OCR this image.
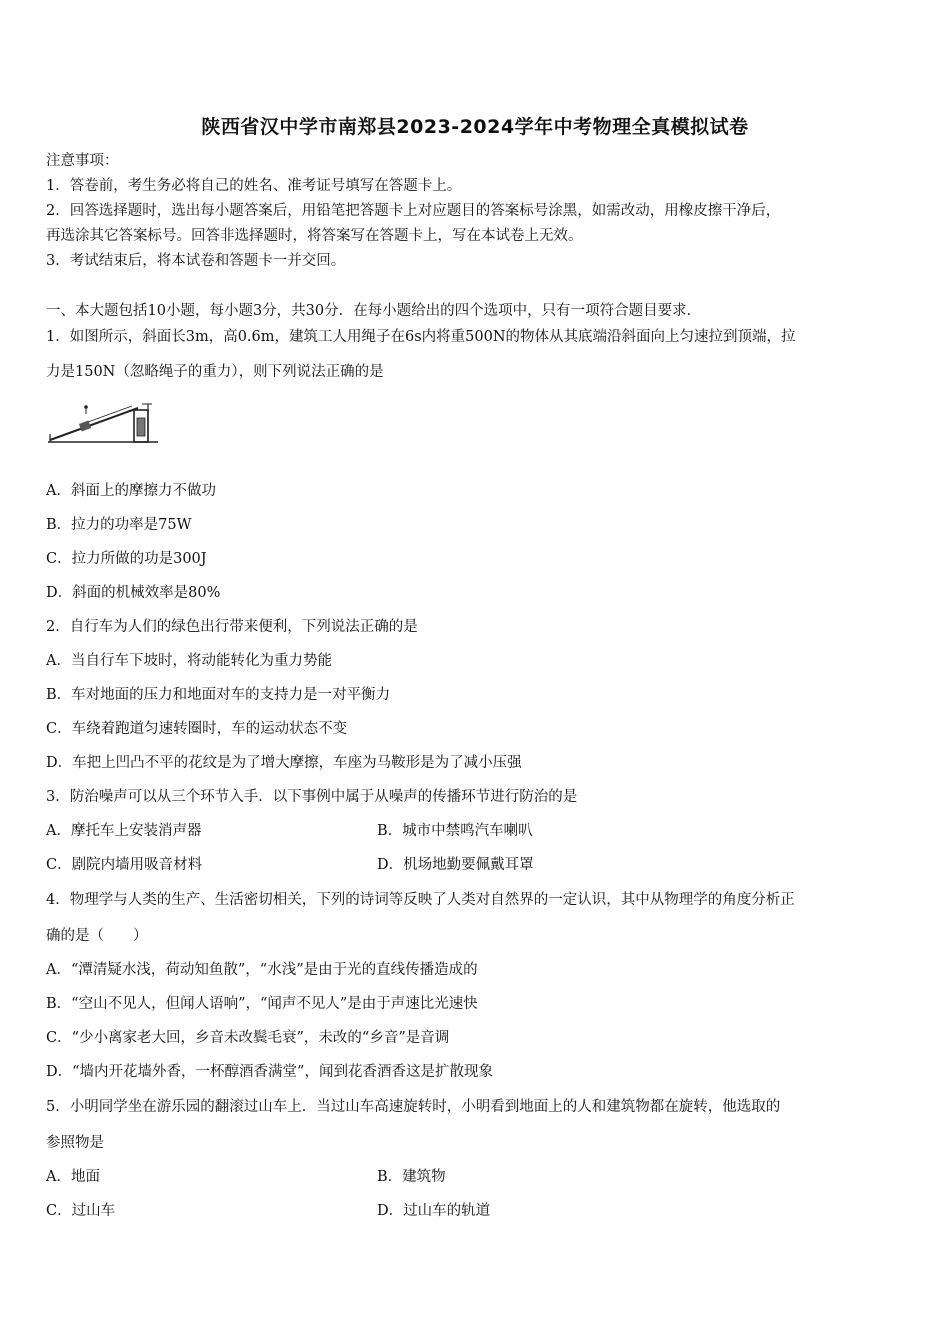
陕西省汉中学市南郑县2023-2024学年中考物理全真模拟试卷
注意事项：
1．答卷前，考生务必将自己的姓名、准考证号填写在答题卡上。
2．回答选择题时，选出每小题答案后，用铅笔把答题卡上对应题目的答案标号涂黑，如需改动，用橡皮擦干净后，
再选涂其它答案标号。回答非选择题时，将答案写在答题卡上，写在本试卷上无效。
3．考试结束后，将本试卷和答题卡一并交回。
一、本大题包括10小题，每小题3分，共30分．在每小题给出的四个选项中，只有一项符合题目要求．
1．如图所示，斜面长3m，高0.6m，建筑工人用绳子在6s内将重500N的物体从其底端沿斜面向上匀速拉到顶端，拉
力是150N（忽略绳子的重力），则下列说法正确的是
A．斜面上的摩擦力不做功
B．拉力的功率是75W
C．拉力所做的功是300J
D．斜面的机械效率是80%
2．自行车为人们的绿色出行带来便利，下列说法正确的是
A．当自行车下坡时，将动能转化为重力势能
B．车对地面的压力和地面对车的支持力是一对平衡力
C．车绕着跑道匀速转圈时，车的运动状态不变
D．车把上凹凸不平的花纹是为了增大摩擦，车座为马鞍形是为了减小压强
3．防治噪声可以从三个环节入手．以下事例中属于从噪声的传播环节进行防治的是
A．摩托车上安装消声器	B．城市中禁鸣汽车喇叭
C．剧院内墙用吸音材料	D．机场地勤要佩戴耳罩
4．物理学与人类的生产、生活密切相关，下列的诗词等反映了人类对自然界的一定认识，其中从物理学的角度分析正
确的是（　　）
A．“潭清疑水浅，荷动知鱼散”，“水浅”是由于光的直线传播造成的
B．“空山不见人，但闻人语响”，“闻声不见人”是由于声速比光速快
C．“少小离家老大回，乡音未改鬓毛衰”，未改的“乡音”是音调
D．“墙内开花墙外香，一杯醇酒香满堂”，闻到花香酒香这是扩散现象
5．小明同学坐在游乐园的翻滚过山车上．当过山车高速旋转时，小明看到地面上的人和建筑物都在旋转，他选取的
参照物是
A．地面	B．建筑物
C．过山车	D．过山车的轨道
